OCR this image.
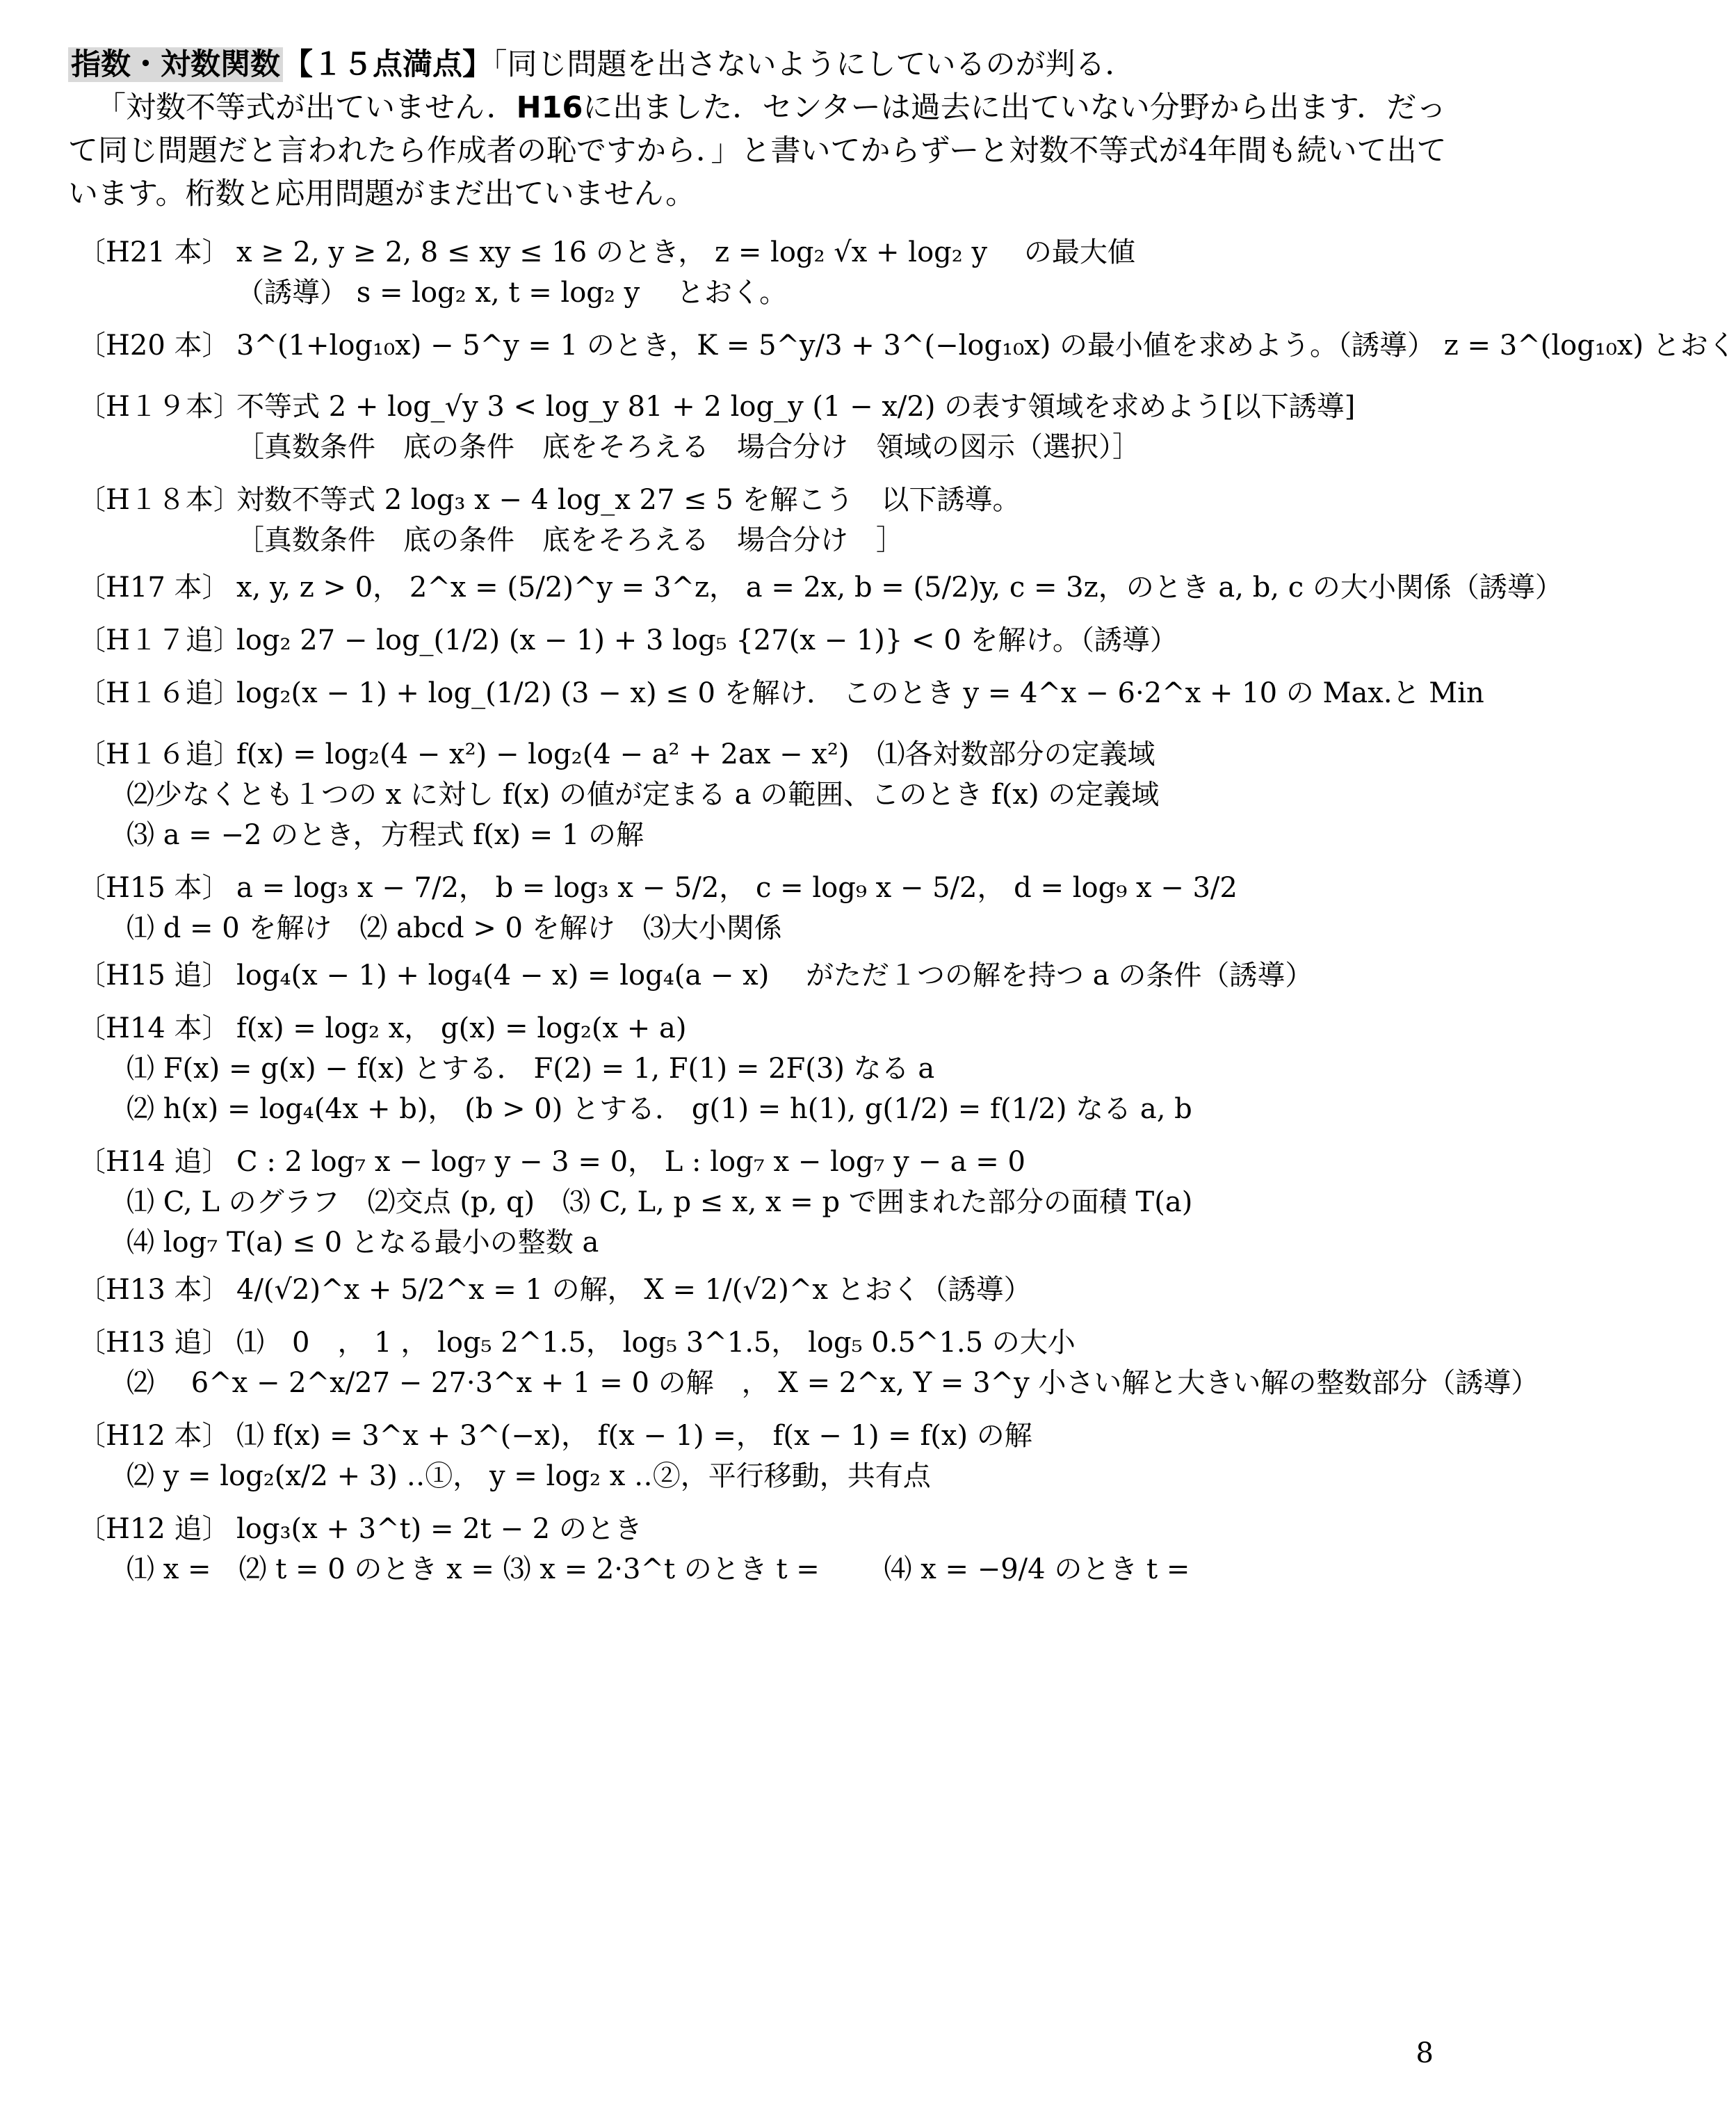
指数・対数関数【１５点満点】「同じ問題を出さないようにしているのが判る．
「対数不等式が出ていません．H16に出ました．センターは過去に出ていない分野から出ます．だって同じ問題だと言われたら作成者の恥ですから．」と書いてからずーと対数不等式が4年間も続いて出ています。桁数と応用問題がまだ出ていません。
〔H21 本〕 x ≥ 2, y ≥ 2, 8 ≤ xy ≤ 16 のとき， z = log₂ √x + log₂ y　 の最大値
（誘導） s = log₂ x, t = log₂ y　 とおく。
〔H20 本〕 3^(1+log₁₀x) − 5^y = 1 のとき，K = 5^y/3 + 3^(−log₁₀x) の最小値を求めよう。（誘導） z = 3^(log₁₀x) とおく
〔H１９本〕
不等式 2 + log_√y 3 < log_y 81 + 2 log_y (1 − x/2) の表す領域を求めよう[以下誘導]
［真数条件　底の条件　底をそろえる　場合分け　領域の図示（選択）］
〔H１８本〕
対数不等式 2 log₃ x − 4 log_x 27 ≤ 5 を解こう　以下誘導。
［真数条件　底の条件　底をそろえる　場合分け　］
〔H17 本〕 x, y, z > 0， 2^x = (5/2)^y = 3^z， a = 2x, b = (5/2)y, c = 3z，のとき a, b, c の大小関係（誘導）
〔H１７追〕
log₂ 27 − log_(1/2) (x − 1) + 3 log₅ {27(x − 1)} < 0 を解け。（誘導）
〔H１６追〕
log₂(x − 1) + log_(1/2) (3 − x) ≤ 0 を解け． このとき y = 4^x − 6·2^x + 10 の Max.と Min
〔H１６追〕
f(x) = log₂(4 − x²) − log₂(4 − a² + 2ax − x²)　⑴各対数部分の定義域
⑵少なくとも１つの x に対し f(x) の値が定まる a の範囲、このとき f(x) の定義域
⑶ a = −2 のとき，方程式 f(x) = 1 の解
〔H15 本〕 a = log₃ x − 7/2， b = log₃ x − 5/2， c = log₉ x − 5/2， d = log₉ x − 3/2
⑴ d = 0 を解け　⑵ abcd > 0 を解け　⑶大小関係
〔H15 追〕 log₄(x − 1) + log₄(4 − x) = log₄(a − x)　 がただ１つの解を持つ a の条件（誘導）
〔H14 本〕 f(x) = log₂ x， g(x) = log₂(x + a)
⑴ F(x) = g(x) − f(x) とする． F(2) = 1, F(1) = 2F(3) なる a
⑵ h(x) = log₄(4x + b)， (b > 0) とする． g(1) = h(1), g(1/2) = f(1/2) なる a, b
〔H14 追〕 C : 2 log₇ x − log₇ y − 3 = 0， L : log₇ x − log₇ y − a = 0
⑴ C, L のグラフ　⑵交点 (p, q)　⑶ C, L, p ≤ x, x = p で囲まれた部分の面積 T(a)
⑷ log₇ T(a) ≤ 0 となる最小の整数 a
〔H13 本〕 4/(√2)^x + 5/2^x = 1 の解， X = 1/(√2)^x とおく（誘導）
〔H13 追〕 ⑴　0　， 1 ， log₅ 2^1.5， log₅ 3^1.5， log₅ 0.5^1.5 の大小
⑵　 6^x − 2^x/27 − 27·3^x + 1 = 0 の解　， X = 2^x, Y = 3^y 小さい解と大きい解の整数部分（誘導）
〔H12 本〕 ⑴ f(x) = 3^x + 3^(−x)， f(x − 1) =， f(x − 1) = f(x) の解
⑵ y = log₂(x/2 + 3) ‥①， y = log₂ x ‥②，平行移動，共有点
〔H12 追〕 log₃(x + 3^t) = 2t − 2 のとき
⑴ x =　⑵ t = 0 のとき x = ⑶ x = 2·3^t のとき t =　　 ⑷ x = −9/4 のとき t =
8
